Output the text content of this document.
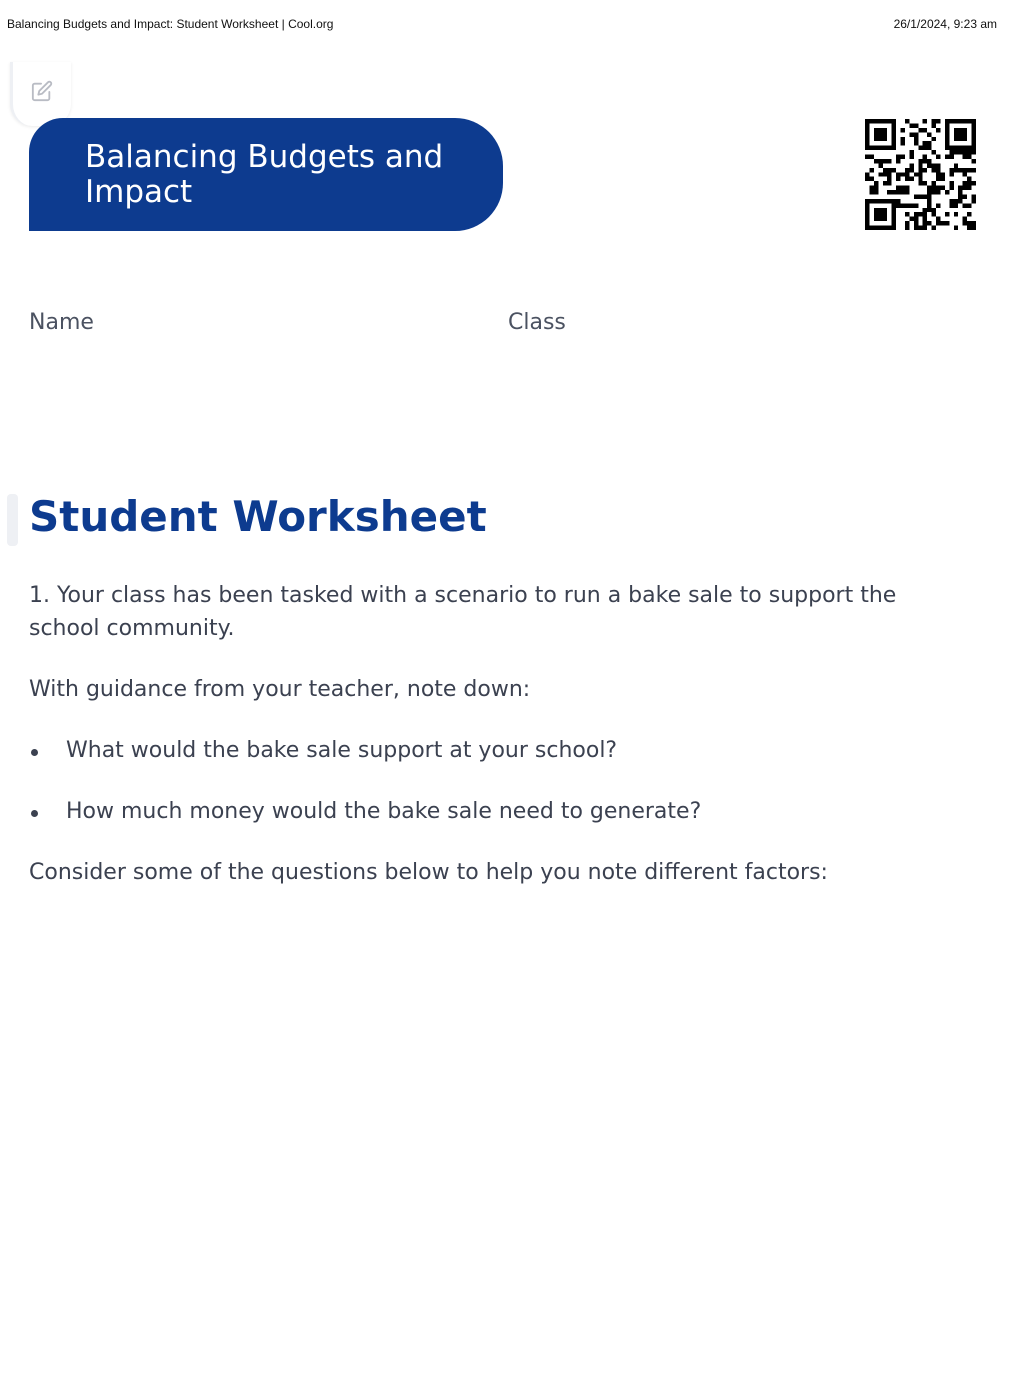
Balancing Budgets and Impact: Student Worksheet | Cool.org	26/1/2024, 9:23 am
Balancing Budgets and Impact
Name	Class
Student Worksheet
1. Your class has been tasked with a scenario to run a bake sale to support the school community.
With guidance from your teacher, note down:
What would the bake sale support at your school?
How much money would the bake sale need to generate?
Consider some of the questions below to help you note different factors:
